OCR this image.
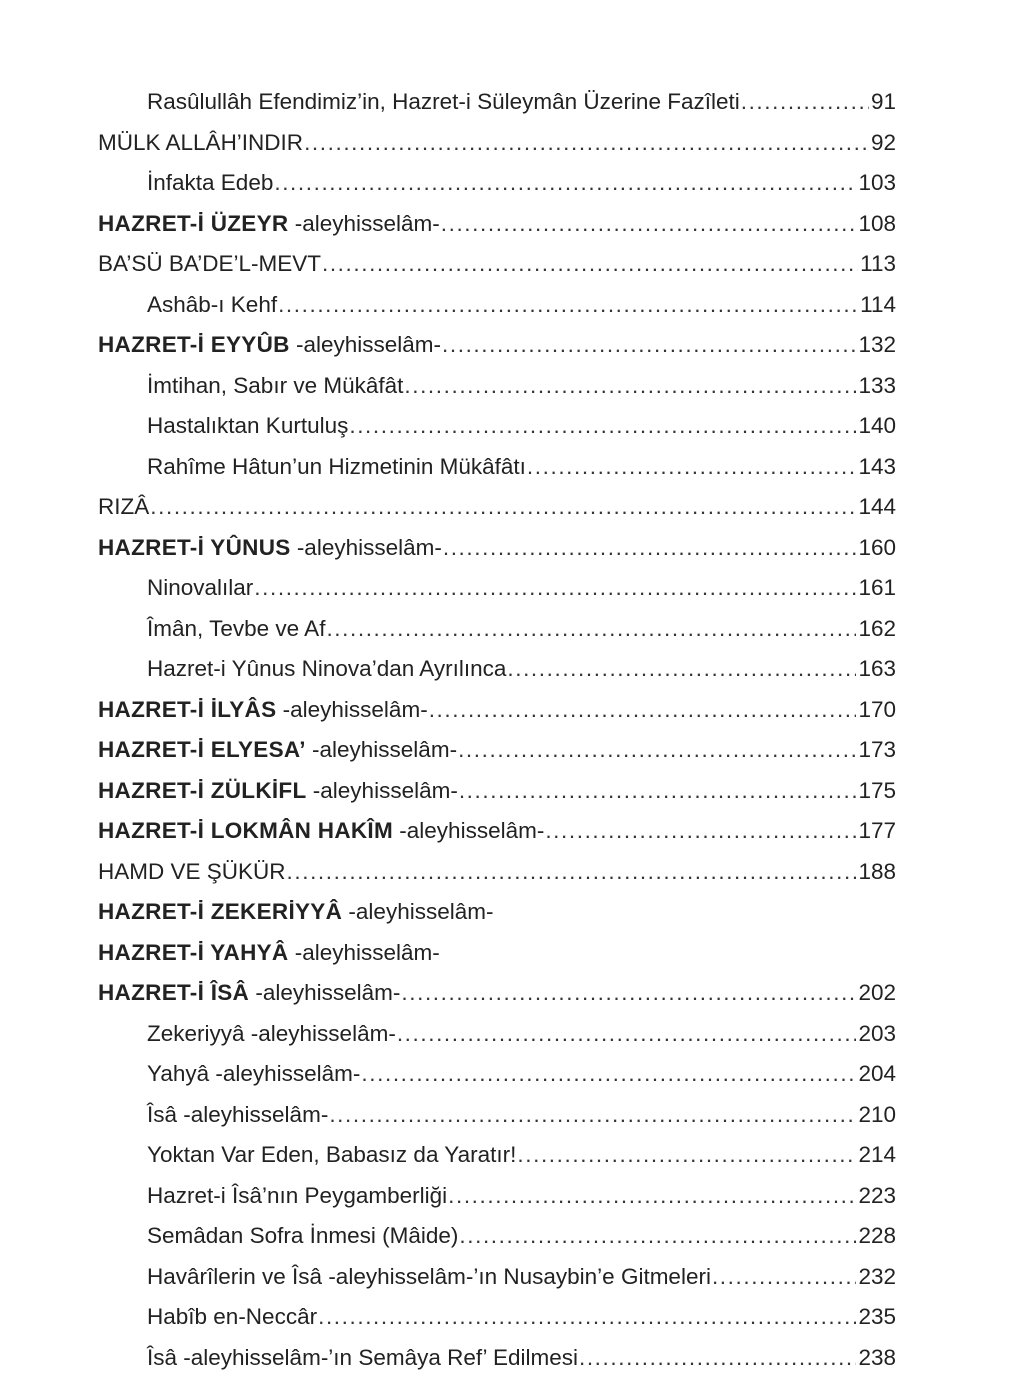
Rasûlullâh Efendimiz’in, Hazret-i Süleymân Üzerine Fazîleti .....	91
MÜLK ALLÂH’INDIR .....	92
İnfakta Edeb .....	103
HAZRET-İ ÜZEYR -aleyhisselâm- .....	108
BA’SÜ BA’DE’L-MEVT .....	113
Ashâb-ı Kehf .....	114
HAZRET-İ EYYÛB -aleyhisselâm- .....	132
İmtihan, Sabır ve Mükâfât .....	133
Hastalıktan Kurtuluş .....	140
Rahîme Hâtun’un Hizmetinin Mükâfâtı .....	143
RIZÂ .....	144
HAZRET-İ YÛNUS -aleyhisselâm- .....	160
Ninovalılar .....	161
Îmân, Tevbe ve Af .....	162
Hazret-i Yûnus Ninova’dan Ayrılınca .....	163
HAZRET-İ İLYÂS -aleyhisselâm- .....	170
HAZRET-İ ELYESA’ -aleyhisselâm- .....	173
HAZRET-İ ZÜLKİFL -aleyhisselâm- .....	175
HAZRET-İ LOKMÂN HAKÎM -aleyhisselâm- .....	177
HAMD VE ŞÜKÜR .....	188
HAZRET-İ ZEKERİYYÂ -aleyhisselâm-
HAZRET-İ YAHYÂ -aleyhisselâm-
HAZRET-İ ÎSÂ -aleyhisselâm- .....	202
Zekeriyyâ -aleyhisselâm- .....	203
Yahyâ -aleyhisselâm- .....	204
Îsâ -aleyhisselâm- .....	210
Yoktan Var Eden, Babasız da Yaratır! .....	214
Hazret-i Îsâ’nın Peygamberliği .....	223
Semâdan Sofra İnmesi (Mâide) .....	228
Havârîlerin ve Îsâ -aleyhisselâm-’ın Nusaybin’e Gitmeleri .....	232
Habîb en-Neccâr .....	235
Îsâ -aleyhisselâm-’ın Semâya Ref’ Edilmesi .....	238
